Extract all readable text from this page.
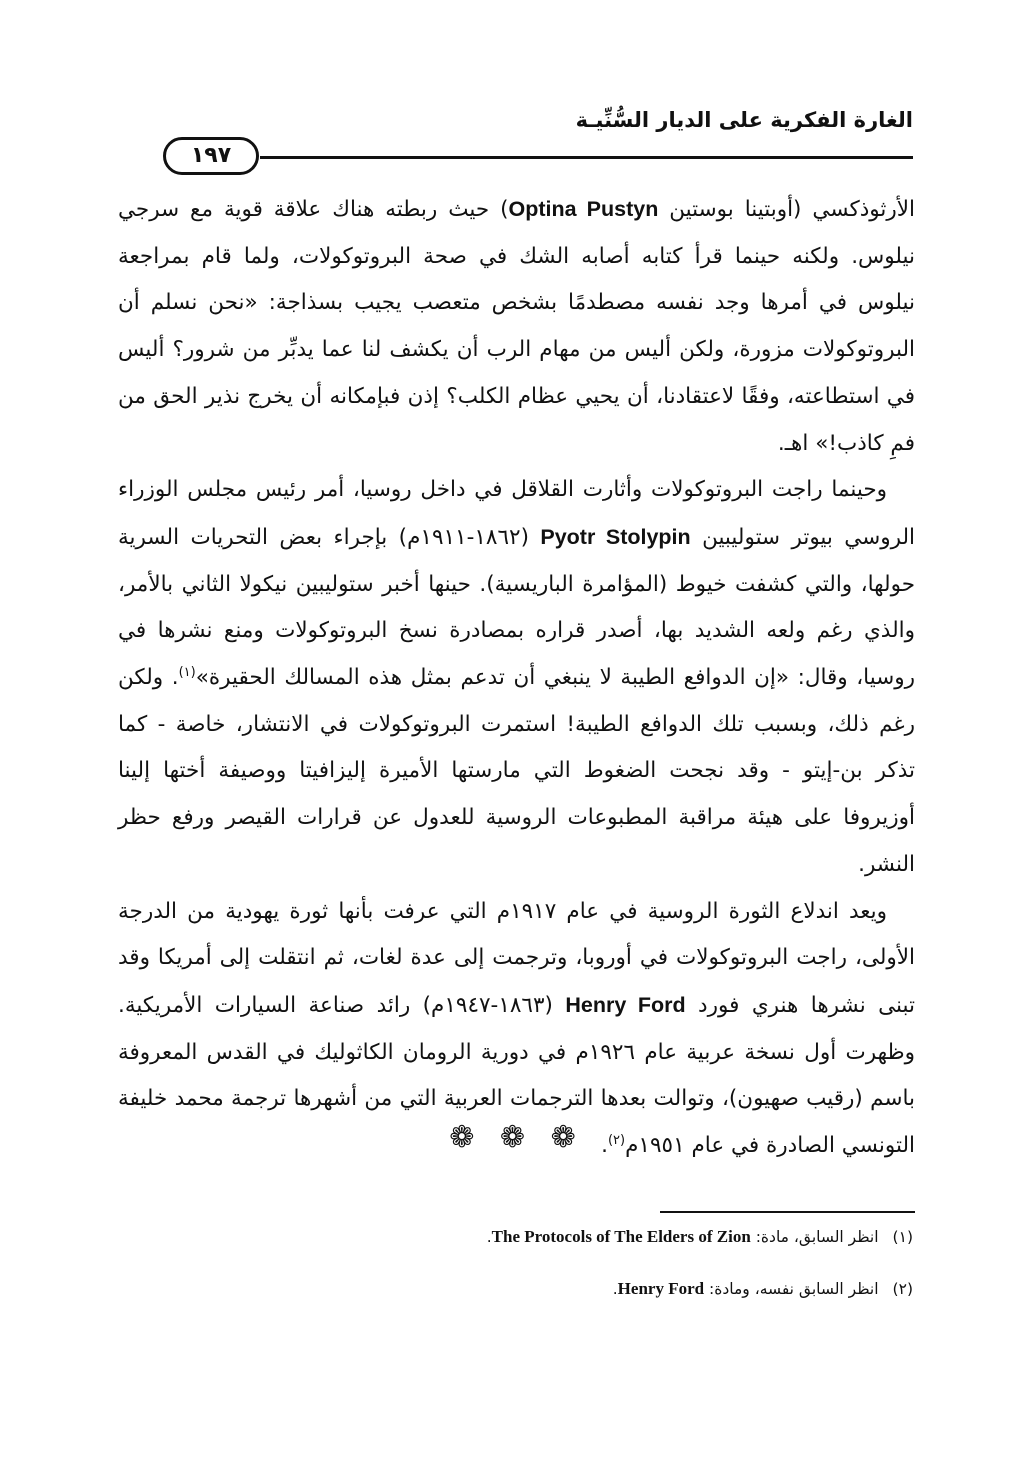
الغارة الفكرية على الديار السُّنِّيـة
١٩٧

الأرثوذكسي (أوبتينا بوستين Optina Pustyn) حيث ربطته هناك علاقة قوية مع سرجي نيلوس. ولكنه حينما قرأ كتابه أصابه الشك في صحة البروتوكولات، ولما قام بمراجعة نيلوس في أمرها وجد نفسه مصطدمًا بشخص متعصب يجيب بسذاجة: «نحن نسلم أن البروتوكولات مزورة، ولكن أليس من مهام الرب أن يكشف لنا عما يدبِّر من شرور؟ أليس في استطاعته، وفقًا لاعتقادنا، أن يحيي عظام الكلب؟ إذن فبإمكانه أن يخرج نذير الحق من فمِ كاذب!» اهـ.

وحينما راجت البروتوكولات وأثارت القلاقل في داخل روسيا، أمر رئيس مجلس الوزراء الروسي بيوتر ستوليبين Pyotr Stolypin (١٨٦٢-١٩١١م) بإجراء بعض التحريات السرية حولها، والتي كشفت خيوط (المؤامرة الباريسية). حينها أخبر ستوليبين نيكولا الثاني بالأمر، والذي رغم ولعه الشديد بها، أصدر قراره بمصادرة نسخ البروتوكولات ومنع نشرها في روسيا، وقال: «إن الدوافع الطيبة لا ينبغي أن تدعم بمثل هذه المسالك الحقيرة»$^{(١)}$. ولكن رغم ذلك، وبسبب تلك الدوافع الطيبة! استمرت البروتوكولات في الانتشار، خاصة - كما تذكر بن-إيتو - وقد نجحت الضغوط التي مارستها الأميرة إليزافيتا ووصيفة أختها إلينا أوزيروفا على هيئة مراقبة المطبوعات الروسية للعدول عن قرارات القيصر ورفع حظر النشر.

ويعد اندلاع الثورة الروسية في عام ١٩١٧م التي عرفت بأنها ثورة يهودية من الدرجة الأولى، راجت البروتوكولات في أوروبا، وترجمت إلى عدة لغات، ثم انتقلت إلى أمريكا وقد تبنى نشرها هنري فورد Henry Ford (١٨٦٣-١٩٤٧م) رائد صناعة السيارات الأمريكية. وظهرت أول نسخة عربية عام ١٩٢٦م في دورية الرومان الكاثوليك في القدس المعروفة باسم (رقيب صهيون)، وتوالت بعدها الترجمات العربية التي من أشهرها ترجمة محمد خليفة التونسي الصادرة في عام ١٩٥١م$^{(٢)}$.

❁ ❁ ❁

(١)انظر السابق، مادة: The Protocols of The Elders of Zion.

(٢)انظر السابق نفسه، ومادة: Henry Ford.
